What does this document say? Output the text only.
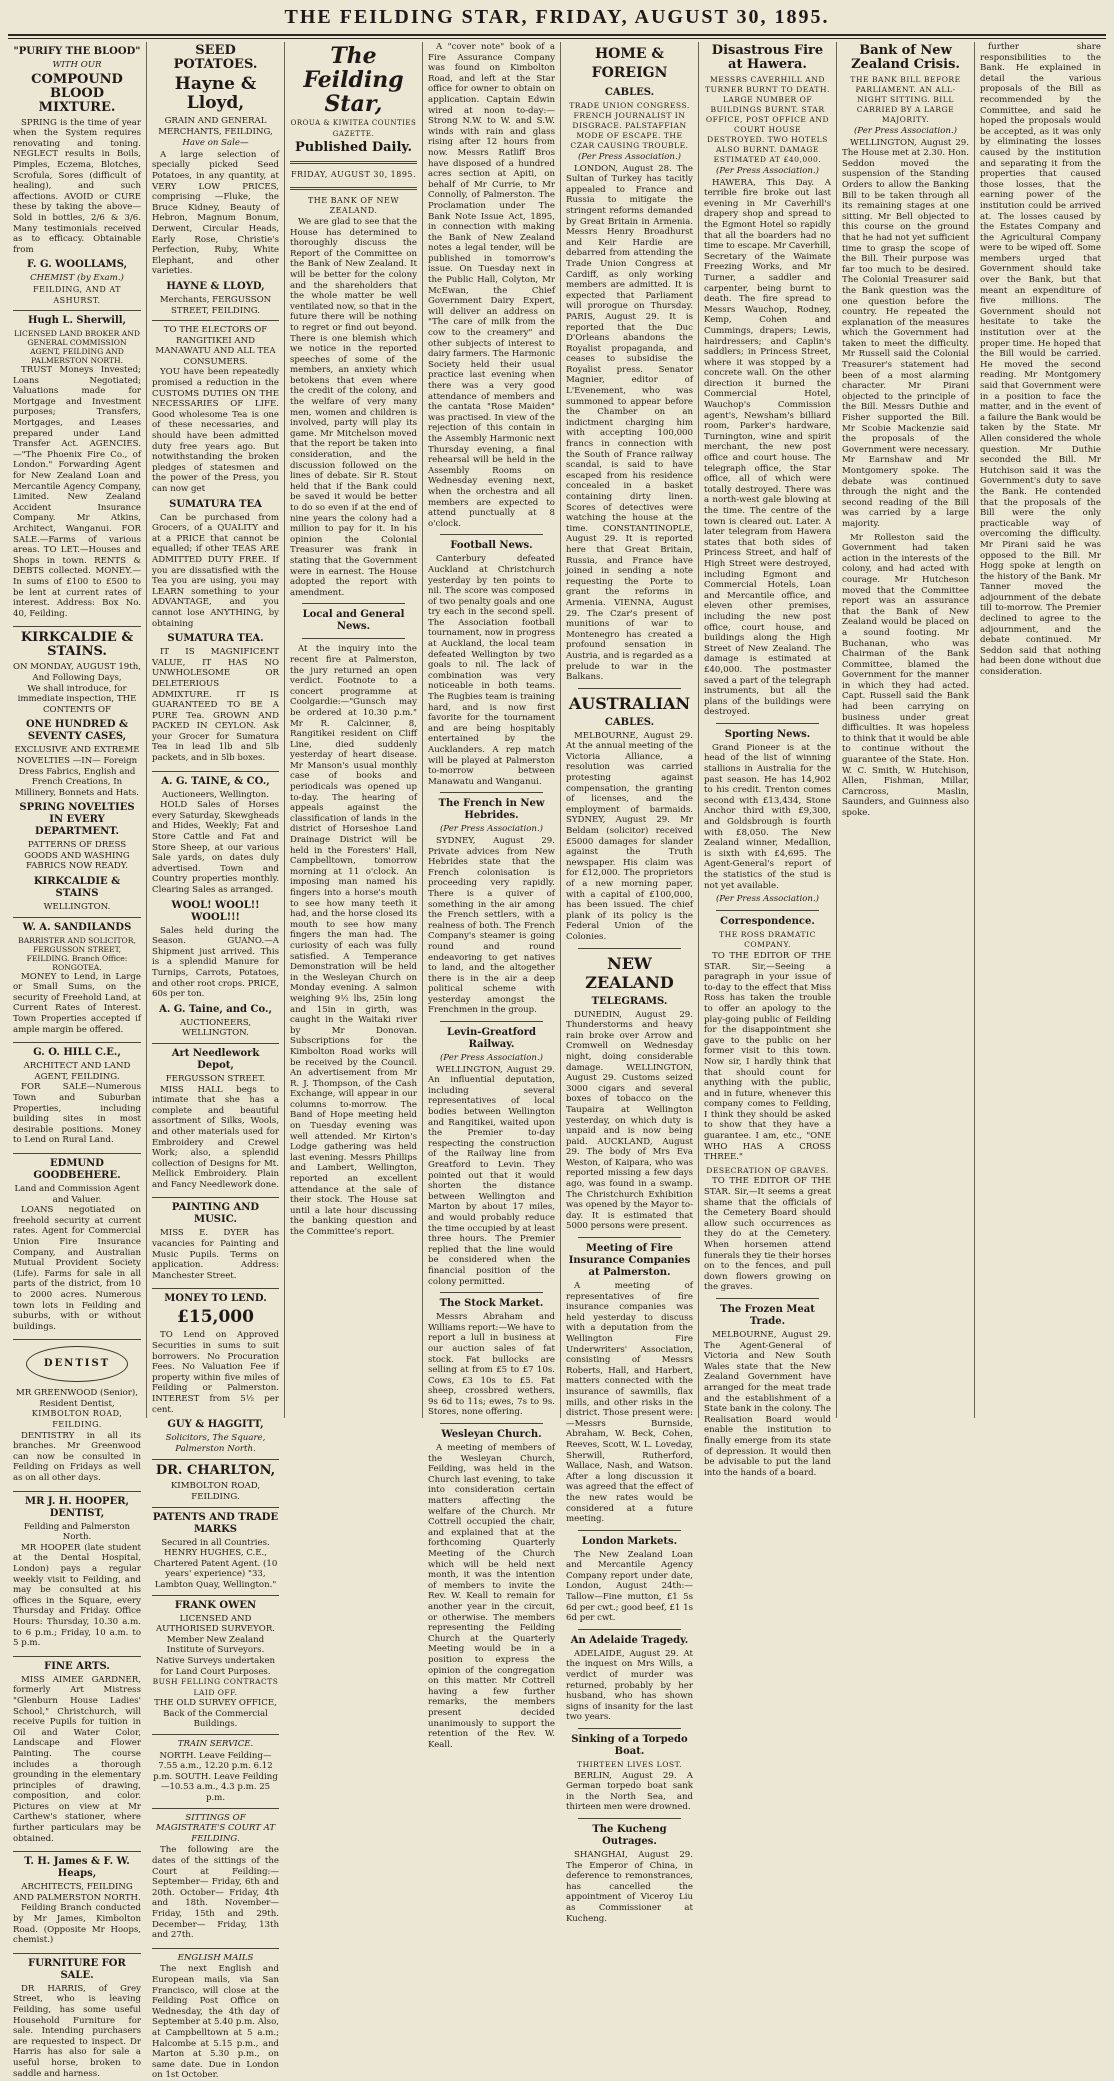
THE FEILDING STAR, FRIDAY, AUGUST 30, 1895.
"PURIFY THE BLOOD"
WITH OUR
COMPOUND BLOOD MIXTURE.

SPRING is the time of year when the System requires renovating and toning. NEGLECT results in Boils, Pimples, Eczema, Blotches, Scrofula, Sores (difficult of healing), and such affections. AVOID or CURE these by taking the above—Sold in bottles, 2/6 & 3/6. Many testimonials received as to efficacy. Obtainable from

F. G. WOOLLAMS,
CHEMIST (by Exam.)
FEILDING, AND AT ASHURST.
Hugh L. Sherwill,
LICENSED LAND BROKER AND GENERAL COMMISSION AGENT, FEILDING AND PALMERSTON NORTH.

TRUST Moneys Invested; Loans Negotiated; Valuations made for Mortgage and Investment purposes; Transfers, Mortgages, and Leases prepared under Land Transfer Act. AGENCIES.—"The Phoenix Fire Co., of London." Forwarding Agent for New Zealand Loan and Mercantile Agency Company, Limited. New Zealand Accident Insurance Company. Mr Atkins, Architect, Wanganui. FOR SALE.—Farms of various areas. TO LET.—Houses and Shops in town. RENTS & DEBTS collected. MONEY.—In sums of £100 to £500 to be lent at current rates of interest. Address: Box No. 40, Feilding.

KIRKCALDIE & STAINS.
ON MONDAY, AUGUST 19th, And Following Days,
We shall introduce, for immediate inspection, THE CONTENTS OF
ONE HUNDRED & SEVENTY CASES,
EXCLUSIVE AND EXTREME NOVELTIES —IN— Foreign Dress Fabrics, English and French Creations, In Millinery, Bonnets and Hats.
SPRING NOVELTIES IN EVERY DEPARTMENT.
PATTERNS OF DRESS GOODS AND WASHING FABRICS NOW READY.
KIRKCALDIE & STAINS
WELLINGTON.
W. A. SANDILANDS
BARRISTER AND SOLICITOR, FERGUSSON STREET, FEILDING. Branch Office: RONGOTEA.

MONEY to Lend, in Large or Small Sums, on the security of Freehold Land, at Current Rates of Interest. Town Properties accepted if ample margin be offered.

G. O. HILL C.E.,
ARCHITECT AND LAND AGENT, FEILDING.

FOR SALE—Numerous Town and Suburban Properties, including building sites in most desirable positions. Money to Lend on Rural Land.

EDMUND GOODBEHERE.
Land and Commission Agent and Valuer.

LOANS negotiated on freehold security at current rates. Agent for Commercial Union Fire Insurance Company, and Australian Mutual Provident Society (Life). Farms for sale in all parts of the district, from 10 to 2000 acres. Numerous town lots in Feilding and suburbs, with or without buildings.

DENTIST
MR GREENWOOD (Senior), Resident Dentist,
KIMBOLTON ROAD, FEILDING.

DENTISTRY in all its branches. Mr Greenwood can now be consulted in Feilding on Fridays as well as on all other days.

MR J. H. HOOPER, DENTIST,
Feilding and Palmerston North.

MR HOOPER (late student at the Dental Hospital, London) pays a regular weekly visit to Feilding, and may be consulted at his offices in the Square, every Thursday and Friday. Office Hours: Thursday, 10.30 a.m. to 6 p.m.; Friday, 10 a.m. to 5 p.m.

FINE ARTS.

MISS AIMEE GARDNER, formerly Art Mistress "Glenburn House Ladies' School," Christchurch, will receive Pupils for tuition in Oil and Water Color, Landscape and Flower Painting. The course includes a thorough grounding in the elementary principles of drawing, composition, and color. Pictures on view at Mr Carthew's stationer, where further particulars may be obtained.

T. H. James & F. W. Heaps,
ARCHITECTS, FEILDING AND PALMERSTON NORTH.

Feilding Branch conducted by Mr James, Kimbolton Road. (Opposite Mr Hoops, chemist.)

FURNITURE FOR SALE.

DR HARRIS, of Grey Street, who is leaving Feilding, has some useful Household Furniture for sale. Intending purchasers are requested to inspect. Dr Harris has also for sale a useful horse, broken to saddle and harness.

SEED POTATOES.
Hayne & Lloyd,
GRAIN AND GENERAL MERCHANTS, FEILDING,
Have on Sale—

A large selection of specially picked Seed Potatoes, in any quantity, at VERY LOW PRICES, comprising —Fluke, the Bruce Kidney, Beauty of Hebron, Magnum Bonum, Derwent, Circular Heads, Early Rose, Christie's Perfection, Ruby, White Elephant, and other varieties.

HAYNE & LLOYD,
Merchants, FERGUSSON STREET, FEILDING.
TO THE ELECTORS OF RANGITIKEI AND MANAWATU AND ALL TEA CONSUMERS.

YOU have been repeatedly promised a reduction in the CUSTOMS DUTIES ON THE NECESSARIES OF LIFE. Good wholesome Tea is one of these necessaries, and should have been admitted duty free years ago. But notwithstanding the broken pledges of statesmen and the power of the Press, you can now get

SUMATURA TEA

Can be purchased from Grocers, of a QUALITY and at a PRICE that cannot be equalled; if other TEAS ARE ADMITTED DUTY FREE. If you are dissatisfied with the Tea you are using, you may LEARN something to your ADVANTAGE, and you cannot lose ANYTHING, by obtaining

SUMATURA TEA.

IT IS MAGNIFICENT VALUE, IT HAS NO UNWHOLESOME OR DELETERIOUS ADMIXTURE. IT IS GUARANTEED TO BE A PURE Tea. GROWN AND PACKED IN CEYLON. Ask your Grocer for Sumatura Tea in lead 1lb and 5lb packets, and in 5lb boxes.

A. G. TAINE, & CO.,
Auctioneers, Wellington.

HOLD Sales of Horses every Saturday, Skewgheads and Hides, Weekly; Fat and Store Cattle and Fat and Store Sheep, at our various Sale yards, on dates duly advertised. Town and Country properties monthly. Clearing Sales as arranged.

WOOL! WOOL!! WOOL!!!

Sales held during the Season. GUANO.—A Shipment just arrived. This is a splendid Manure for Turnips, Carrots, Potatoes, and other root crops. PRICE, 60s per ton.

A. G. Taine, and Co.,
AUCTIONEERS, WELLINGTON.
Art Needlework Depot,
FERGUSSON STREET.

MISS HALL begs to intimate that she has a complete and beautiful assortment of Silks, Wools, and other materials used for Embroidery and Crewel Work; also, a splendid collection of Designs for Mt. Mellick Embroidery. Plain and Fancy Needlework done.

PAINTING AND MUSIC.

MISS E. DYER has vacancies for Painting and Music Pupils. Terms on application. Address: Manchester Street.

MONEY TO LEND.
£15,000

TO Lend on Approved Securities in sums to suit borrowers. No Procuration Fees. No Valuation Fee if property within five miles of Feilding or Palmerston. INTEREST from 5½ per cent.

GUY & HAGGITT,
Solicitors, The Square, Palmerston North.
DR. CHARLTON,
KIMBOLTON ROAD, FEILDING.
PATENTS AND TRADE MARKS
Secured in all Countries. HENRY HUGHES, C.E., Chartered Patent Agent. (10 years' experience) "33, Lambton Quay, Wellington."
FRANK OWEN
LICENSED AND AUTHORISED SURVEYOR. Member New Zealand Institute of Surveyors.
Native Surveys undertaken for Land Court Purposes.
BUSH FELLING CONTRACTS LAID OFF.
THE OLD SURVEY OFFICE, Back of the Commercial Buildings.
TRAIN SERVICE.
NORTH. Leave Feilding—7.55 a.m., 12.20 p.m. 6.12 p.m. SOUTH. Leave Feilding—10.53 a.m., 4.3 p.m. 25 p.m.
SITTINGS OF MAGISTRATE'S COURT AT FEILDING.

The following are the dates of the sittings of the Court at Feilding:— September— Friday, 6th and 20th. October— Friday, 4th and 18th. November— Friday, 15th and 29th. December— Friday, 13th and 27th.

ENGLISH MAILS

The next English and European mails, via San Francisco, will close at the Feilding Post Office on Wednesday, the 4th day of September at 5.40 p.m. Also, at Campbelltown at 5 a.m.; Halcombe at 5.15 p.m., and Marton at 5.30 p.m., on same date. Due in London on 1st October.

The Feilding Star,
OROUA & KIWITEA COUNTIES GAZETTE.
Published Daily.
FRIDAY, AUGUST 30, 1895.
THE BANK OF NEW ZEALAND.

We are glad to see that the House has determined to thoroughly discuss the Report of the Committee on the Bank of New Zealand. It will be better for the colony and the shareholders that the whole matter be well ventilated now, so that in the future there will be nothing to regret or find out beyond. There is one blemish which we notice in the reported speeches of some of the members, an anxiety which betokens that even where the credit of the colony, and the welfare of very many men, women and children is involved, party will play its game. Mr Mitchelson moved that the report be taken into consideration, and the discussion followed on the lines of debate. Sir R. Stout held that if the Bank could be saved it would be better to do so even if at the end of nine years the colony had a million to pay for it. In his opinion the Colonial Treasurer was frank in stating that the Government were in earnest. The House adopted the report with amendment.

Local and General News.

At the inquiry into the recent fire at Palmerston, the jury returned an open verdict. Footnote to a concert programme at Coolgardie:—"Gunsch may be ordered at 10.30 p.m." Mr R. Calcinner, 8, Rangitikei resident on Cliff Line, died suddenly yesterday of heart disease. Mr Manson's usual monthly case of books and periodicals was opened up to-day. The hearing of appeals against the classification of lands in the district of Horseshoe Land Drainage District will be held in the Foresters' Hall, Campbelltown, tomorrow morning at 11 o'clock. An imposing man named his fingers into a horse's mouth to see how many teeth it had, and the horse closed its mouth to see how many fingers the man had. The curiosity of each was fully satisfied. A Temperance Demonstration will be held in the Wesleyan Church on Monday evening. A salmon weighing 9½ lbs, 25in long and 15in in girth, was caught in the Waitaki river by Mr Donovan. Subscriptions for the Kimbolton Road works will be received by the Council. An advertisement from Mr R. J. Thompson, of the Cash Exchange, will appear in our columns to-morrow. The Band of Hope meeting held on Tuesday evening was well attended. Mr Kirton's Lodge gathering was held last evening. Messrs Phillips and Lambert, Wellington, reported an excellent attendance at the sale of their stock. The House sat until a late hour discussing the banking question and the Committee's report.

A "cover note" book of a Fire Assurance Company was found on Kimbolton Road, and left at the Star office for owner to obtain on application. Captain Edwin wired at noon to-day:—Strong N.W. to W. and S.W. winds with rain and glass rising after 12 hours from now. Messrs Ratliff Bros have disposed of a hundred acres section at Apiti, on behalf of Mr Currie, to Mr Connolly, of Palmerston. The Proclamation under The Bank Note Issue Act, 1895, in connection with making the Bank of New Zealand notes a legal tender, will be published in tomorrow's issue. On Tuesday next in the Public Hall, Colyton, Mr McEwan, the Chief Government Dairy Expert, will deliver an address on "The care of milk from the cow to the creamery" and other subjects of interest to dairy farmers. The Harmonic Society held their usual practice last evening when there was a very good attendance of members and the cantata "Rose Maiden" was practised. In view of the rejection of this contain in the Assembly Harmonic next Thursday evening, a final rehearsal will be held in the Assembly Rooms on Wednesday evening next, when the orchestra and all members are expected to attend punctually at 8 o'clock.

Football News.

Canterbury defeated Auckland at Christchurch yesterday by ten points to nil. The score was composed of two penalty goals and one try each in the second spell. The Association football tournament, now in progress at Auckland, the local team defeated Wellington by two goals to nil. The lack of combination was very noticeable in both teams. The Rugbies team is training hard, and is now first favorite for the tournament and are being hospitably entertained by the Aucklanders. A rep match will be played at Palmerston to-morrow between Manawatu and Wanganui.

The French in New Hebrides.
(Per Press Association.)

SYDNEY, August 29. Private advices from New Hebrides state that the French colonisation is proceeding very rapidly. There is a quiver of something in the air among the French settlers, with a realness of both. The French Company's steamer is going round and round endeavoring to get natives to land, and the altogether there is in the air a deep political scheme with yesterday amongst the Frenchmen in the group.

Levin-Greatford Railway.
(Per Press Association.)

WELLINGTON, August 29. An influential deputation, including several representatives of local bodies between Wellington and Rangitikei, waited upon the Premier to-day respecting the construction of the Railway line from Greatford to Levin. They pointed out that it would shorten the distance between Wellington and Marton by about 17 miles, and would probably reduce the time occupied by at least three hours. The Premier replied that the line would be considered when the financial position of the colony permitted.

The Stock Market.

Messrs Abraham and Williams report:—We have to report a lull in business at our auction sales of fat stock. Fat bullocks are selling at from £5 to £7 10s. Cows, £3 10s to £5. Fat sheep, crossbred wethers, 9s 6d to 11s; ewes, 7s to 9s. Stores, none offering.

Wesleyan Church.

A meeting of members of the Wesleyan Church, Feilding, was held in the Church last evening, to take into consideration certain matters affecting the welfare of the Church. Mr Cottrell occupied the chair, and explained that at the forthcoming Quarterly Meeting of the Church which will be held next month, it was the intention of members to invite the Rev. W. Keall to remain for another year in the circuit, or otherwise. The members representing the Feilding Church at the Quarterly Meeting would be in a position to express the opinion of the congregation on this matter. Mr Cottrell having a few further remarks, the members present decided unanimously to support the retention of the Rev. W. Keall.

HOME & FOREIGN
CABLES.
TRADE UNION CONGRESS. FRENCH JOURNALIST IN DISGRACE. PALSTAFFIAN MODE OF ESCAPE. THE CZAR CAUSING TROUBLE.
(Per Press Association.)

LONDON, August 28. The Sultan of Turkey has tacitly appealed to France and Russia to mitigate the stringent reforms demanded by Great Britain in Armenia. Messrs Henry Broadhurst and Keir Hardie are debarred from attending the Trade Union Congress at Cardiff, as only working members are admitted. It is expected that Parliament will prorogue on Thursday. PARIS, August 29. It is reported that the Duc D'Orleans abandons the Royalist propaganda, and ceases to subsidise the Royalist press. Senator Magnier, editor of L'Evenement, who was summoned to appear before the Chamber on an indictment charging him with accepting 100,000 francs in connection with the South of France railway scandal, is said to have escaped from his residence concealed in a basket containing dirty linen. Scores of detectives were watching the house at the time. CONSTANTINOPLE, August 29. It is reported here that Great Britain, Russia, and France have joined in sending a note requesting the Porte to grant the reforms in Armenia. VIENNA, August 29. The Czar's present of munitions of war to Montenegro has created a profound sensation in Austria, and is regarded as a prelude to war in the Balkans.

AUSTRALIAN
CABLES.

MELBOURNE, August 29. At the annual meeting of the Victoria Alliance, a resolution was carried protesting against compensation, the granting of licenses, and the employment of barmaids. SYDNEY, August 29. Mr Beldam (solicitor) received £5000 damages for slander against the Truth newspaper. His claim was for £12,000. The proprietors of a new morning paper, with a capital of £100,000, has been issued. The chief plank of its policy is the Federal Union of the Colonies.

NEW ZEALAND
TELEGRAMS.

DUNEDIN, August 29. Thunderstorms and heavy rain broke over Arrow and Cromwell on Wednesday night, doing considerable damage. WELLINGTON, August 29. Customs seized 3000 cigars and several boxes of tobacco on the Taupaira at Wellington yesterday, on which duty is unpaid and is now being paid. AUCKLAND, August 29. The body of Mrs Eva Weston, of Kaipara, who was reported missing a few days ago, was found in a swamp. The Christchurch Exhibition was opened by the Mayor to-day. It is estimated that 5000 persons were present.

Meeting of Fire Insurance Companies at Palmerston.

A meeting of representatives of fire insurance companies was held yesterday to discuss with a deputation from the Wellington Fire Underwriters' Association, consisting of Messrs Roberts, Hall, and Harbert, matters connected with the insurance of sawmills, flax mills, and other risks in the district. Those present were:—Messrs Burnside, Abraham, W. Beck, Cohen, Reeves, Scott, W. L. Loveday, Sherwill, Rutherford, Wallace, Nash, and Watson. After a long discussion it was agreed that the effect of the new rates would be considered at a future meeting.

London Markets.

The New Zealand Loan and Mercantile Agency Company report under date, London, August 24th:—Tallow—Fine mutton, £1 5s 6d per cwt.; good beef, £1 1s 6d per cwt.

An Adelaide Tragedy.

ADELAIDE, August 29. At the inquest on Mrs Wills, a verdict of murder was returned, probably by her husband, who has shown signs of insanity for the last two years.

Sinking of a Torpedo Boat.
THIRTEEN LIVES LOST.

BERLIN, August 29. A German torpedo boat sank in the North Sea, and thirteen men were drowned.

The Kucheng Outrages.

SHANGHAI, August 29. The Emperor of China, in deference to remonstrances, has cancelled the appointment of Viceroy Liu as Commissioner at Kucheng.

Disastrous Fire at Hawera.
MESSRS CAVERHILL AND TURNER BURNT TO DEATH. LARGE NUMBER OF BUILDINGS BURNT. STAR OFFICE, POST OFFICE AND COURT HOUSE DESTROYED. TWO HOTELS ALSO BURNT. DAMAGE ESTIMATED AT £40,000.
(Per Press Association.)

HAWERA, This Day. A terrible fire broke out last evening in Mr Caverhill's drapery shop and spread to the Egmont Hotel so rapidly that all the boarders had no time to escape. Mr Caverhill, Secretary of the Waimate Freezing Works, and Mr Turner, a saddler and carpenter, being burnt to death. The fire spread to Messrs Wauchop, Rodney, Kemp, Cohen and Cummings, drapers; Lewis, hairdressers; and Caplin's saddlers; in Princess Street, where it was stopped by a concrete wall. On the other direction it burned the Commercial Hotel, Wauchop's Commission agent's, Newsham's billiard room, Parker's hardware, Turnington, wine and spirit merchant, the new post office and court house. The telegraph office, the Star office, all of which were totally destroyed. There was a north-west gale blowing at the time. The centre of the town is cleared out. Later. A later telegram from Hawera states that both sides of Princess Street, and half of High Street were destroyed, including Egmont and Commercial Hotels, Loan and Mercantile office, and eleven other premises, including the new post office, court house, and buildings along the High Street of New Zealand. The damage is estimated at £40,000. The postmaster saved a part of the telegraph instruments, but all the plans of the buildings were destroyed.

Sporting News.

Grand Pioneer is at the head of the list of winning stallions in Australia for the past season. He has 14,902 to his credit. Trenton comes second with £13,434, Stone Anchor third with £9,300, and Goldsbrough is fourth with £8,050. The New Zealand winner, Medallion, is sixth with £4,695. The Agent-General's report of the statistics of the stud is not yet available.

(Per Press Association.)
Correspondence.
THE ROSS DRAMATIC COMPANY.

TO THE EDITOR OF THE STAR. Sir,—Seeing a paragraph in your issue of to-day to the effect that Miss Ross has taken the trouble to offer an apology to the play-going public of Feilding for the disappointment she gave to the public on her former visit to this town. Now sir, I hardly think that that should count for anything with the public, and in future, whenever this company comes to Feilding, I think they should be asked to show that they have a guarantee. I am, etc., "ONE WHO HAS A CROSS THREE."

DESECRATION OF GRAVES.

TO THE EDITOR OF THE STAR. Sir,—It seems a great shame that the officials of the Cemetery Board should allow such occurrences as they do at the Cemetery. When horsemen attend funerals they tie their horses on to the fences, and pull down flowers growing on the graves.

The Frozen Meat Trade.

MELBOURNE, August 29. The Agent-General of Victoria and New South Wales state that the New Zealand Government have arranged for the meat trade and the establishment of a State bank in the colony. The Realisation Board would enable the institution to finally emerge from its state of depression. It would then be advisable to put the land into the hands of a board.

Bank of New Zealand Crisis.
THE BANK BILL BEFORE PARLIAMENT. AN ALL-NIGHT SITTING. BILL CARRIED BY A LARGE MAJORITY.
(Per Press Association.)

WELLINGTON, August 29. The House met at 2.30. Hon. Seddon moved the suspension of the Standing Orders to allow the Banking Bill to be taken through all its remaining stages at one sitting. Mr Bell objected to this course on the ground that he had not yet sufficient time to grasp the scope of the Bill. Their purpose was far too much to be desired. The Colonial Treasurer said the Bank question was the one question before the country. He repeated the explanation of the measures which the Government had taken to meet the difficulty. Mr Russell said the Colonial Treasurer's statement had been of a most alarming character. Mr Pirani objected to the principle of the Bill. Messrs Duthie and Fisher supported the Bill. Mr Scobie Mackenzie said the proposals of the Government were necessary. Mr Earnshaw and Mr Montgomery spoke. The debate was continued through the night and the second reading of the Bill was carried by a large majority.

Mr Rolleston said the Government had taken action in the interests of the colony, and had acted with courage. Mr Hutcheson moved that the Committee report was an assurance that the Bank of New Zealand would be placed on a sound footing. Mr Buchanan, who was Chairman of the Bank Committee, blamed the Government for the manner in which they had acted. Capt. Russell said the Bank had been carrying on business under great difficulties. It was hopeless to think that it would be able to continue without the guarantee of the State. Hon. W. C. Smith, W. Hutchison, Allen, Fishman, Millar, Carncross, Maslin, Saunders, and Guinness also spoke.

further share responsibilities to the Bank. He explained in detail the various proposals of the Bill as recommended by the Committee, and said he hoped the proposals would be accepted, as it was only by eliminating the losses caused by the institution and separating it from the properties that caused those losses, that the earning power of the institution could be arrived at. The losses caused by the Estates Company and the Agricultural Company were to be wiped off. Some members urged that Government should take over the Bank, but that meant an expenditure of five millions. The Government should not hesitate to take the institution over at the proper time. He hoped that the Bill would be carried. He moved the second reading. Mr Montgomery said that Government were in a position to face the matter, and in the event of a failure the Bank would be taken by the State. Mr Allen considered the whole question. Mr Duthie seconded the Bill. Mr Hutchison said it was the Government's duty to save the Bank. He contended that the proposals of the Bill were the only practicable way of overcoming the difficulty. Mr Pirani said he was opposed to the Bill. Mr Hogg spoke at length on the history of the Bank. Mr Tanner moved the adjournment of the debate till to-morrow. The Premier declined to agree to the adjournment, and the debate continued. Mr Seddon said that nothing had been done without due consideration.
